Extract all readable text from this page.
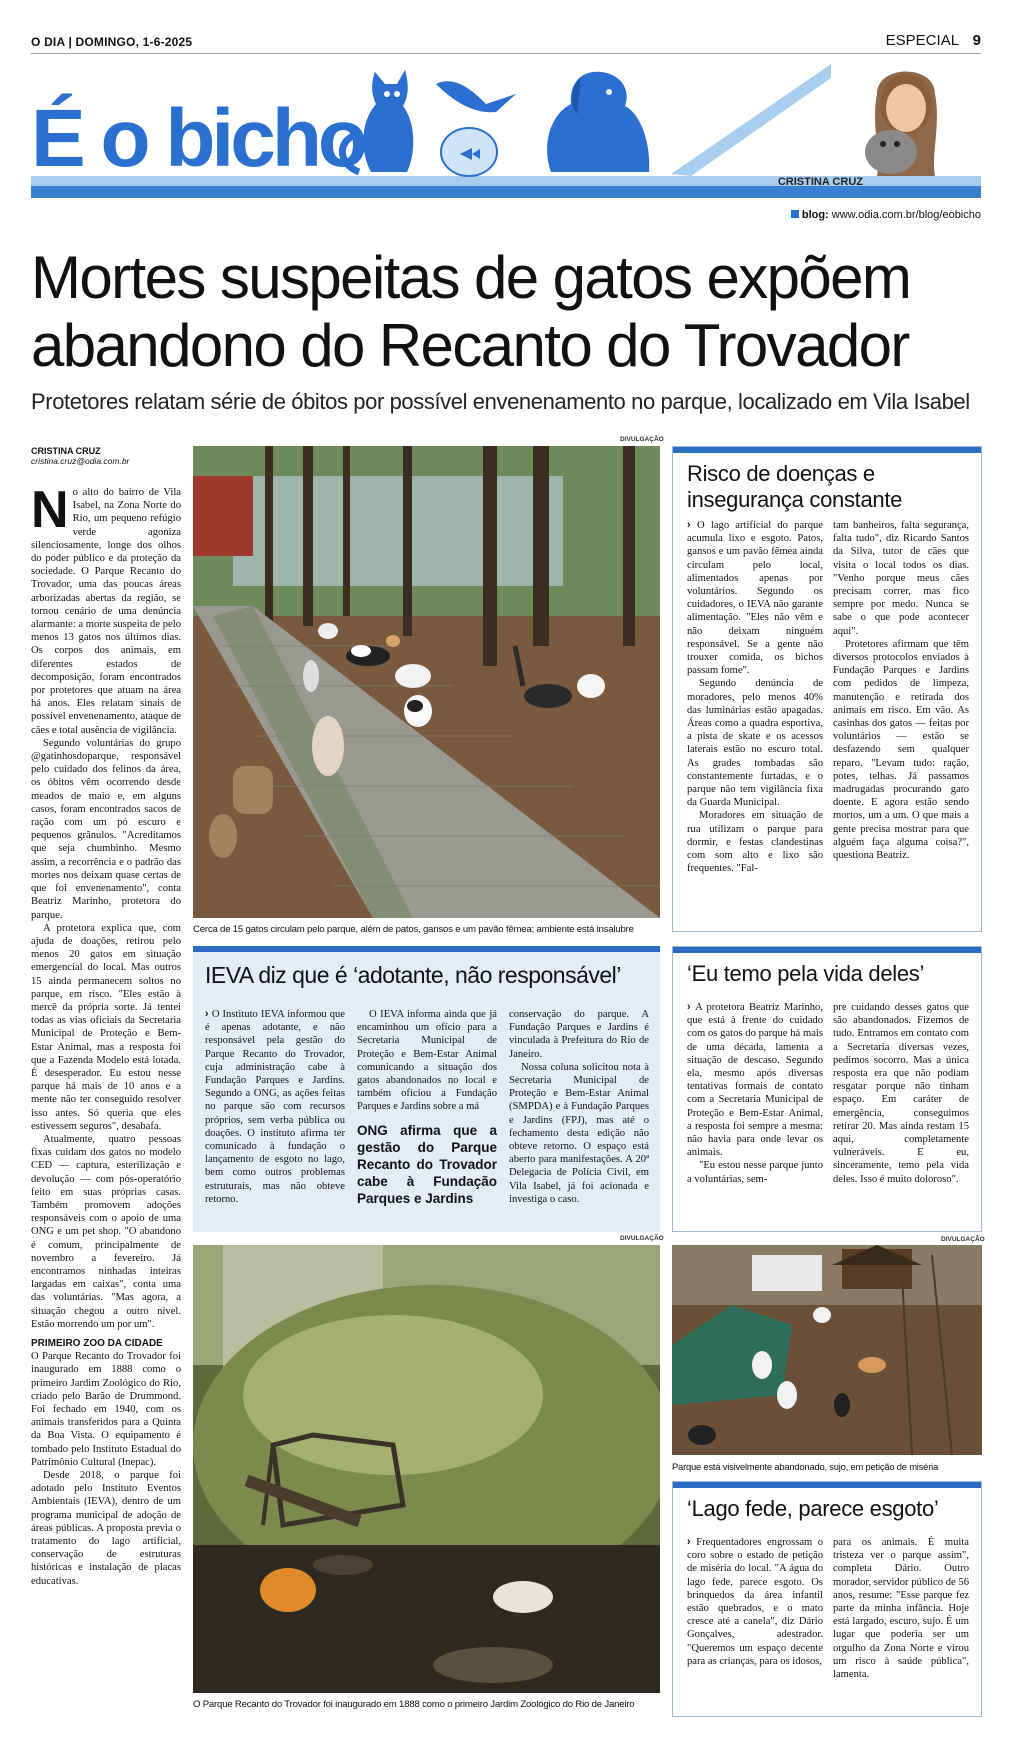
O DIA | DOMINGO, 1-6-2025	ESPECIAL 9
É o bicho	CRISTINA CRUZ
blog: www.odia.com.br/blog/eobicho
Mortes suspeitas de gatos expõem abandono do Recanto do Trovador
Protetores relatam série de óbitos por possível envenenamento no parque, localizado em Vila Isabel
CRISTINA CRUZ
cristina.cruz@odia.com.br
N o alto do bairro de Vila Isabel, na Zona Norte do Rio, um pequeno refúgio verde agoniza silenciosamente, longe dos olhos do poder público e da proteção da sociedade. O Parque Recanto do Trovador, uma das poucas áreas arborizadas abertas da região, se tornou cenário de uma denúncia alarmante: a morte suspeita de pelo menos 13 gatos nos últimos dias. Os corpos dos animais, em diferentes estados de decomposição, foram encontrados por protetores que atuam na área há anos. Eles relatam sinais de possível envenenamento, ataque de cães e total ausência de vigilância.

Segundo voluntárias do grupo @gatinhosdoparque, responsável pelo cuidado dos felinos da área, os óbitos vêm ocorrendo desde meados de maio e, em alguns casos, foram encontrados sacos de ração com um pó escuro e pequenos grânulos. "Acreditamos que seja chumbinho. Mesmo assim, a recorrência e o padrão das mortes nos deixam quase certas de que foi envenenamento", conta Beatriz Marinho, protetora do parque.

A protetora explica que, com ajuda de doações, retirou pelo menos 20 gatos em situação emergencial do local. Mas outros 15 ainda permanecem soltos no parque, em risco. "Eles estão à mercê da própria sorte. Já tentei todas as vias oficiais da Secretaria Municipal de Proteção e Bem-Estar Animal, mas a resposta foi que a Fazenda Modelo está lotada. É desesperador. Eu estou nesse parque há mais de 10 anos e a mente não ter conseguido resolver isso antes. Só queria que eles estivessem seguros", desabafa.

Atualmente, quatro pessoas fixas cuidam dos gatos no modelo CED — captura, esterilização e devolução — com pós-operatório feito em suas próprias casas. Também promovem adoções responsáveis com o apoio de uma ONG e um pet shop. "O abandono é comum, principalmente de novembro a fevereiro. Já encontramos ninhadas inteiras largadas em caixas", conta uma das voluntárias. "Mas agora, a situação chegou a outro nível. Estão morrendo um por um".

PRIMEIRO ZOO DA CIDADE

O Parque Recanto do Trovador foi inaugurado em 1888 como o primeiro Jardim Zoológico do Rio, criado pelo Barão de Drummond. Foi fechado em 1940, com os animais transferidos para a Quinta da Boa Vista. O equipamento é tombado pelo Instituto Estadual do Patrimônio Cultural (Inepac).

Desde 2018, o parque foi adotado pelo Instituto Eventos Ambientais (IEVA), dentro de um programa municipal de adoção de áreas públicas. A proposta previa o tratamento do lago artificial, conservação de estruturas históricas e instalação de placas educativas.

DIVULGAÇÃO
Cerca de 15 gatos circulam pelo parque, além de patos, gansos e um pavão fêmea; ambiente está insalubre
Risco de doenças e insegurança constante

› O lago artificial do parque acumula lixo e esgoto. Patos, gansos e um pavão fêmea ainda circulam pelo local, alimentados apenas por voluntários. Segundo os cuidadores, o IEVA não garante alimentação. "Eles não vêm e não deixam ninguém responsável. Se a gente não trouxer comida, os bichos passam fome".

Segundo denúncia de moradores, pelo menos 40% das luminárias estão apagadas. Áreas como a quadra esportiva, a pista de skate e os acessos laterais estão no escuro total. As grades tombadas são constantemente furtadas, e o parque não tem vigilância fixa da Guarda Municipal.

Moradores em situação de rua utilizam o parque para dormir, e festas clandestinas com som alto e lixo são frequentes. "Fal-

tam banheiros, falta segurança, falta tudo", diz Ricardo Santos da Silva, tutor de cães que visita o local todos os dias. "Venho porque meus cães precisam correr, mas fico sempre por medo. Nunca se sabe o que pode acontecer aqui".

Protetores afirmam que têm diversos protocolos enviados à Fundação Parques e Jardins com pedidos de limpeza, manutenção e retirada dos animais em risco. Em vão. As casinhas dos gatos — feitas por voluntários — estão se desfazendo sem qualquer reparo. "Levam tudo: ração, potes, telhas. Já passamos madrugadas procurando gato doente. E agora estão sendo mortos, um a um. O que mais a gente precisa mostrar para que alguém faça alguma coisa?", questiona Beatriz.

IEVA diz que é ‘adotante, não responsável’

› O Instituto IEVA informou que é apenas adotante, e não responsável pela gestão do Parque Recanto do Trovador, cuja administração cabe à Fundação Parques e Jardins. Segundo a ONG, as ações feitas no parque são com recursos próprios, sem verba pública ou doações. O instituto afirma ter comunicado à fundação o lançamento de esgoto no lago, bem como outros problemas estruturais, mas não obteve retorno.

O IEVA informa ainda que já encaminhou um ofício para a Secretaria Municipal de Proteção e Bem-Estar Animal comunicando a situação dos gatos abandonados no local e também oficiou a Fundação Parques e Jardins sobre a má

ONG afirma que a gestão do Parque Recanto do Trovador cabe à Fundação Parques e Jardins

conservação do parque. A Fundação Parques e Jardins é vinculada à Prefeitura do Rio de Janeiro.

Nossa coluna solicitou nota à Secretaria Municipal de Proteção e Bem-Estar Animal (SMPDA) e à Fundação Parques e Jardins (FPJ), mas até o fechamento desta edição não obteve retorno. O espaço está aberto para manifestações. A 20ª Delegacia de Polícia Civil, em Vila Isabel, já foi acionada e investiga o caso.

‘Eu temo pela vida deles’

› A protetora Beatriz Marinho, que está à frente do cuidado com os gatos do parque há mais de uma década, lamenta a situação de descaso. Segundo ela, mesmo após diversas tentativas formais de contato com a Secretaria Municipal de Proteção e Bem-Estar Animal, a resposta foi sempre a mesma: não havia para onde levar os animais.

"Eu estou nesse parque junto a voluntárias, sem-

pre cuidando desses gatos que são abandonados. Fizemos de tudo. Entramos em contato com a Secretaria diversas vezes, pedimos socorro. Mas a única resposta era que não podiam resgatar porque não tinham espaço. Em caráter de emergência, conseguimos retirar 20. Mas ainda restam 15 aqui, completamente vulneráveis. E eu, sinceramente, temo pela vida deles. Isso é muito doloroso".

DIVULGAÇÃO
O Parque Recanto do Trovador foi inaugurado em 1888 como o primeiro Jardim Zoológico do Rio de Janeiro
DIVULGAÇÃO
Parque está visivelmente abandonado, sujo, em petição de miséria
‘Lago fede, parece esgoto’

› Frequentadores engrossam o coro sobre o estado de petição de miséria do local. "A água do lago fede, parece esgoto. Os brinquedos da área infantil estão quebrados, e o mato cresce até a canela", diz Dário Gonçalves, adestrador. "Queremos um espaço decente para as crianças, para os idosos,

para os animais. É muita tristeza ver o parque assim", completa Dário. Outro morador, servidor público de 56 anos, resume: "Esse parque fez parte da minha infância. Hoje está largado, escuro, sujo. É um lugar que poderia ser um orgulho da Zona Norte e virou um risco à saúde pública", lamenta.
